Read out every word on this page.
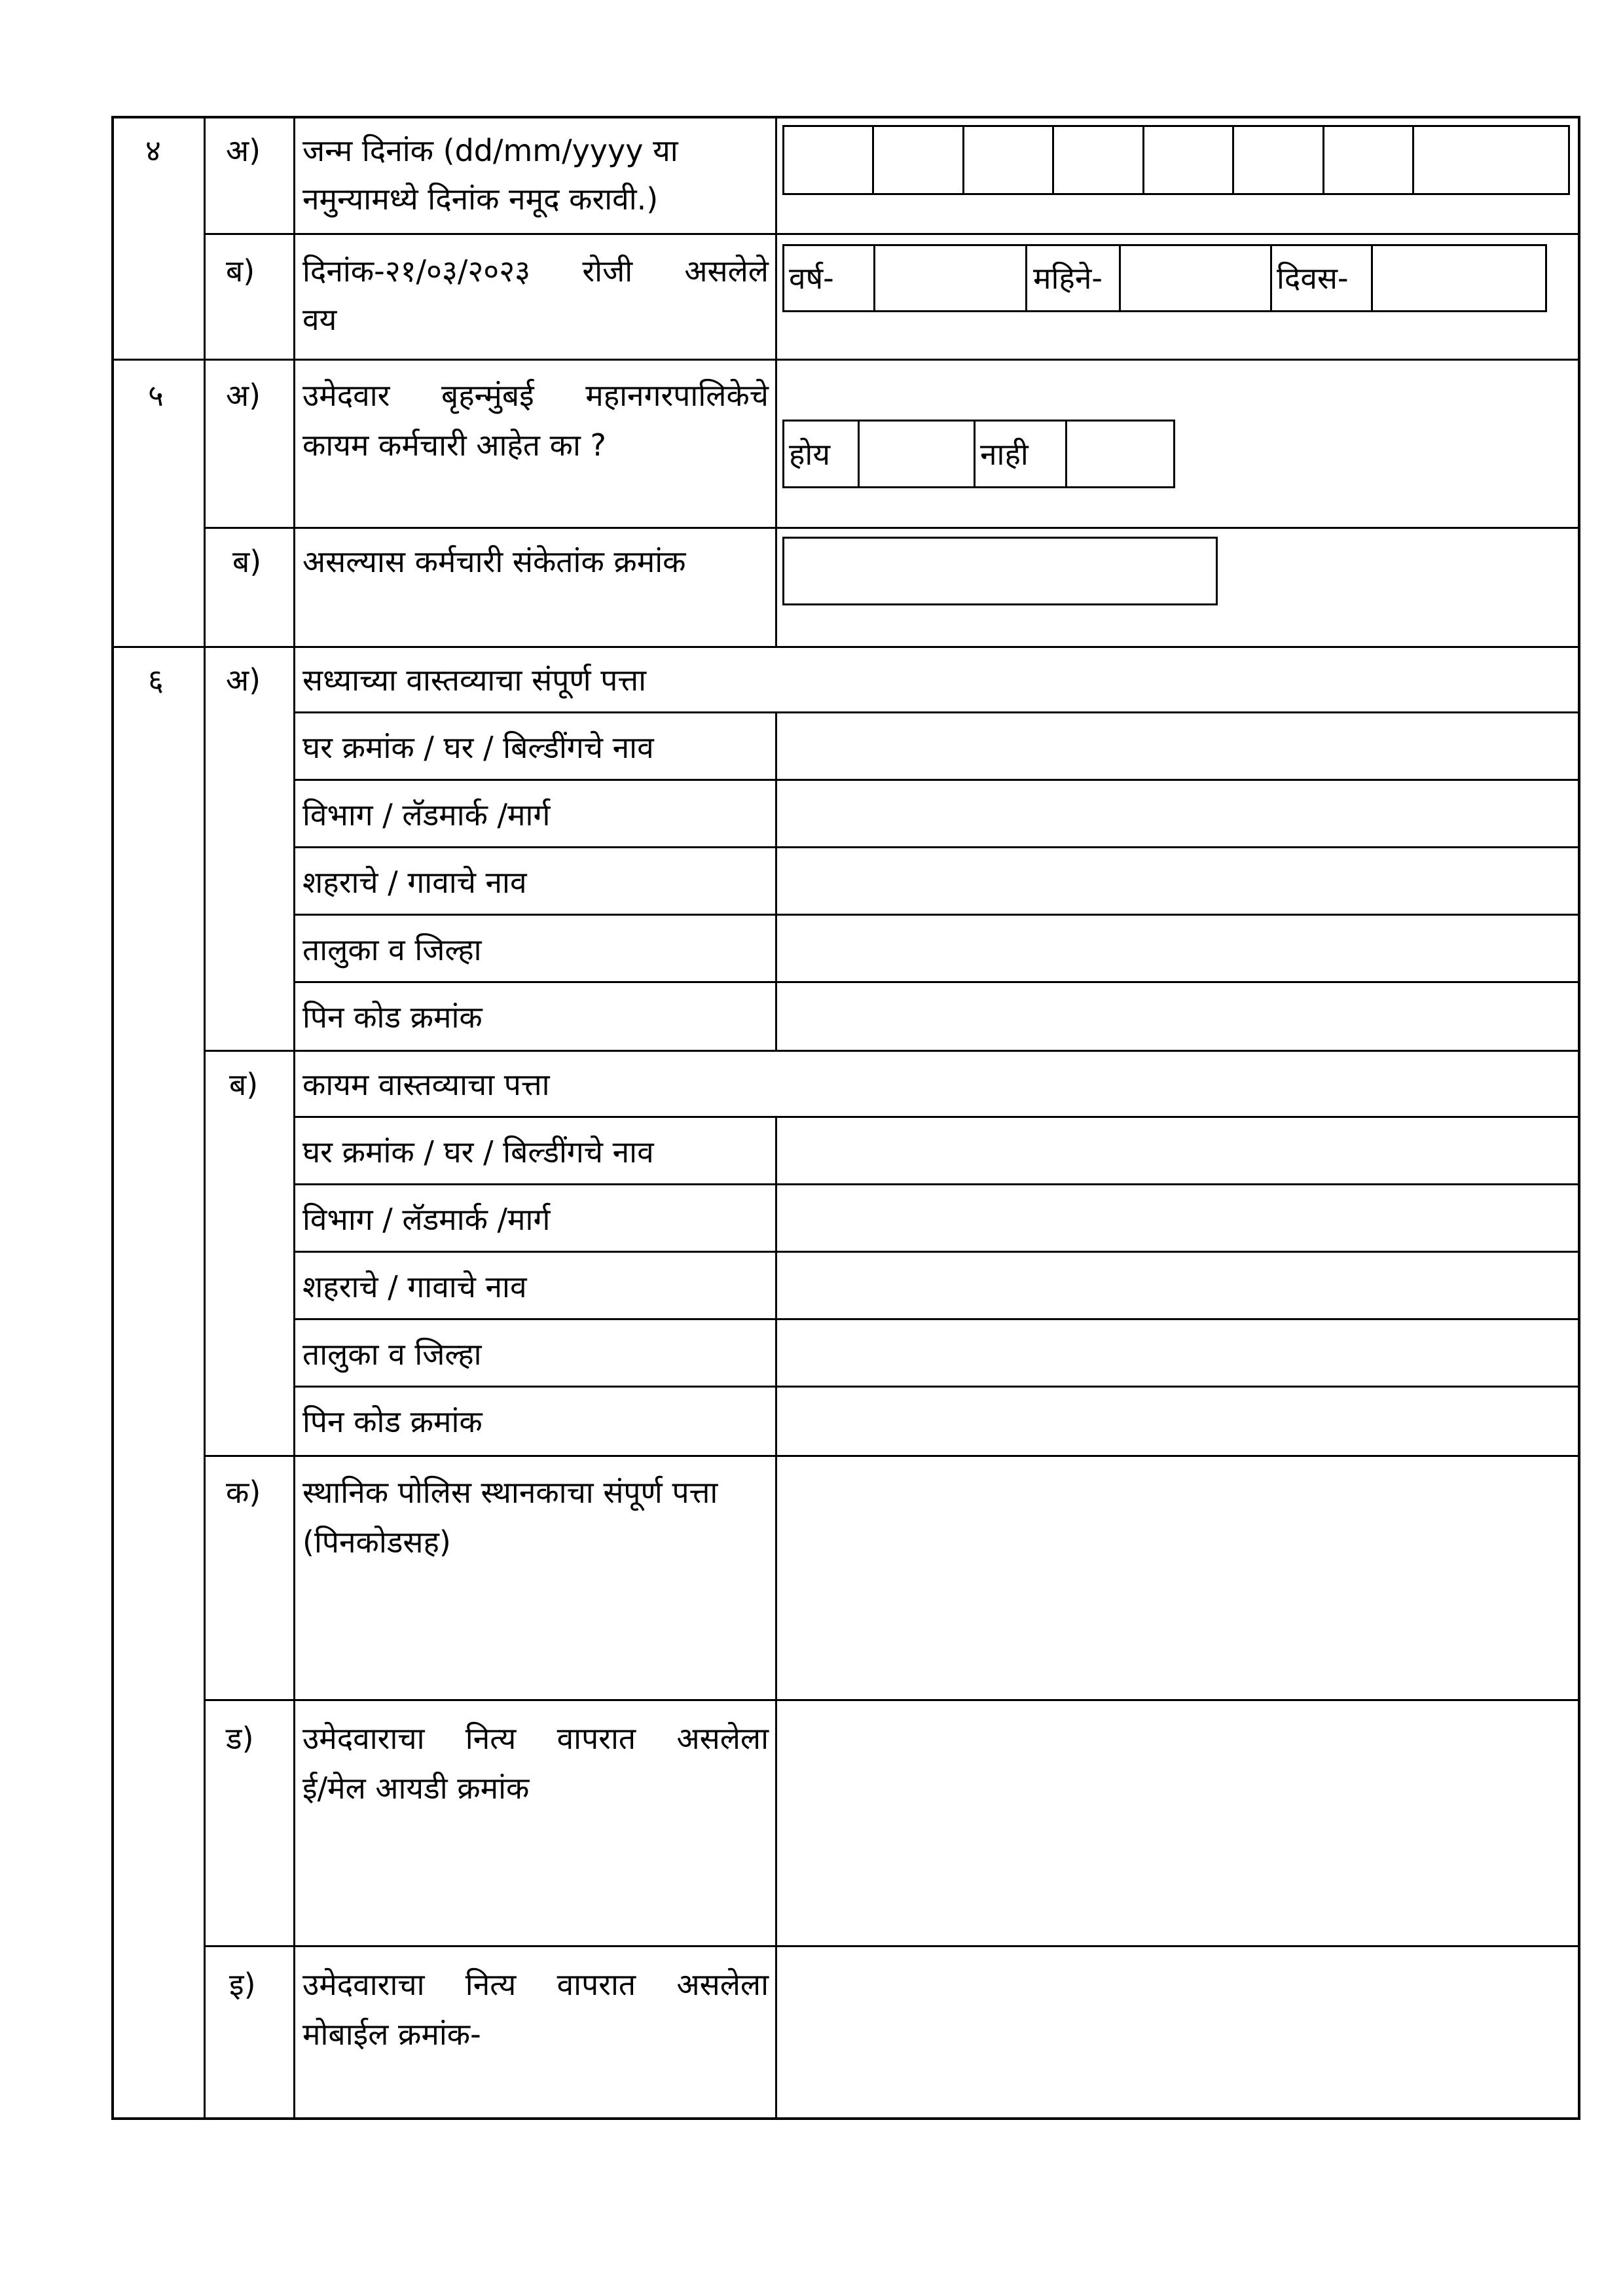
४ अ) जन्म दिनांक (dd/mm/yyyy या
नमुन्यामध्ये दिनांक नमूद करावी.)
ब) दिनांक-२१/०३/२०२३ रोजी असलेले
वय
वर्ष-	महिने-	दिवस-
५ अ) उमेदवार बृहन्मुंबई महानगरपालिकेचे
कायम कर्मचारी आहेत का ?	होय	नाही
ब) असल्यास कर्मचारी संकेतांक क्रमांक
६ अ) सध्याच्या वास्तव्याचा संपूर्ण पत्ता
घर क्रमांक / घर / बिल्डींगचे नाव
विभाग / लॅडमार्क /मार्ग
शहराचे / गावाचे नाव
तालुका व जिल्हा
पिन कोड क्रमांक
ब) कायम वास्तव्याचा पत्ता
घर क्रमांक / घर / बिल्डींगचे नाव
विभाग / लॅडमार्क /मार्ग
शहराचे / गावाचे नाव
तालुका व जिल्हा
पिन कोड क्रमांक
क) स्थानिक पोलिस स्थानकाचा संपूर्ण पत्ता
(पिनकोडसह)
ड) उमेदवाराचा नित्य वापरात असलेला
ई/मेल आयडी क्रमांक
इ) उमेदवाराचा नित्य वापरात असलेला
मोबाईल क्रमांक-
